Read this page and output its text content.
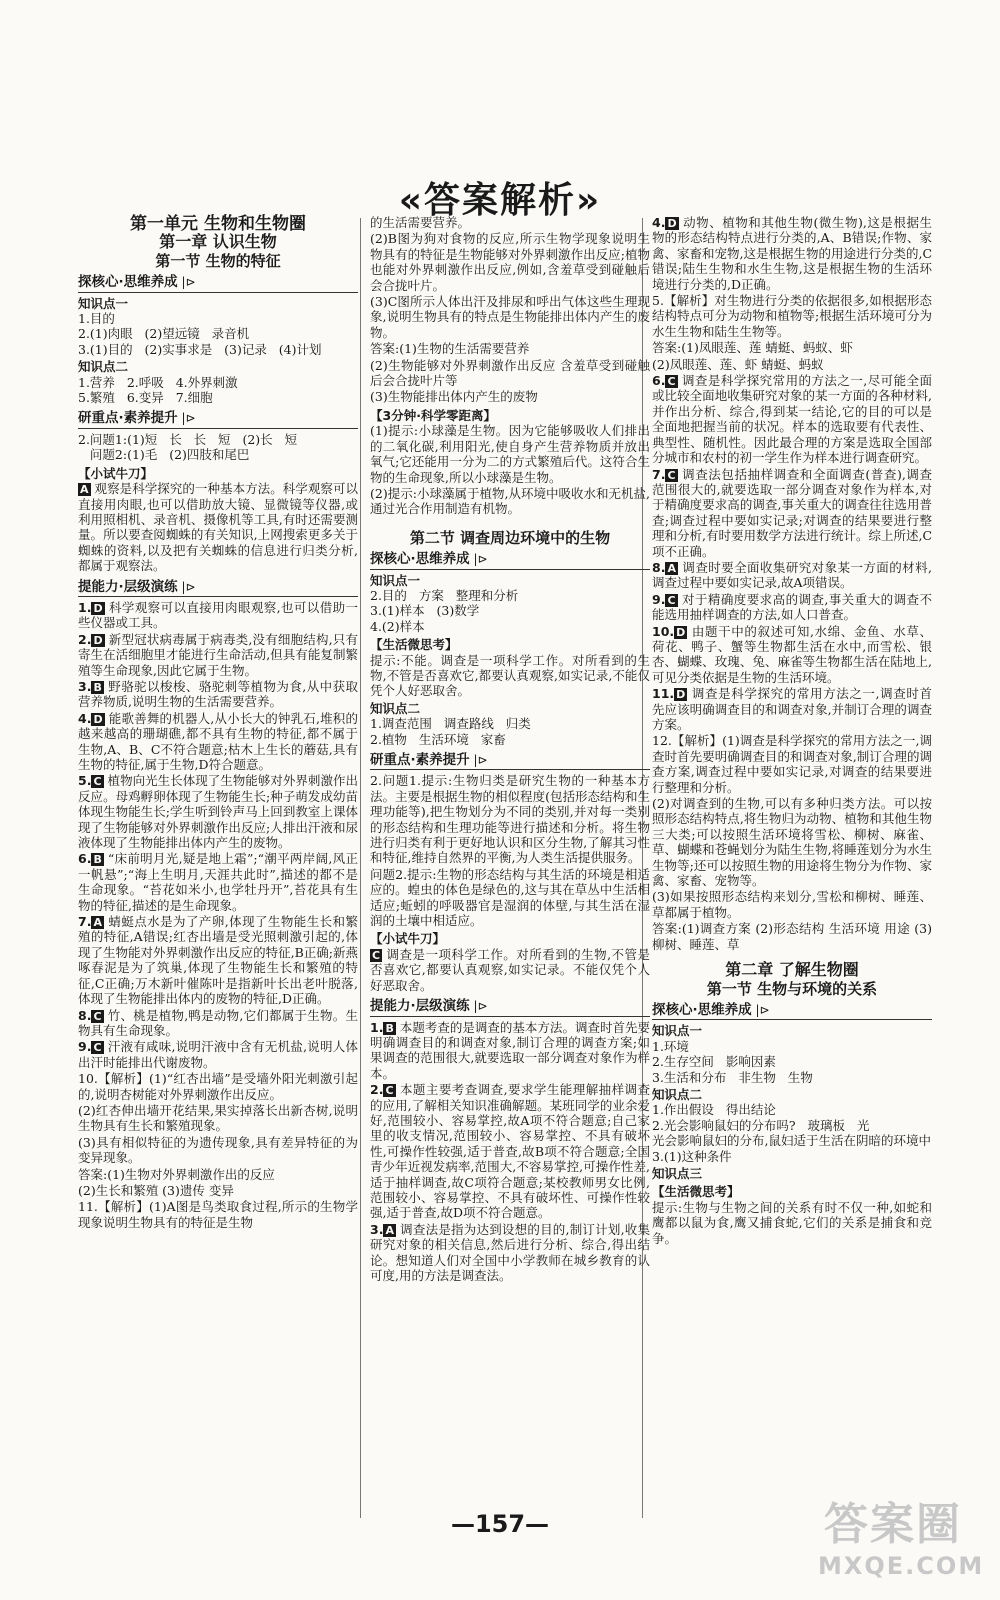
«答案解析»
第一单元 生物和生物圈
第一章 认识生物
第一节 生物的特征
探核心·思维养成 |⊳
知识点一
1.目的
2.(1)肉眼   (2)望远镜   录音机
3.(1)目的   (2)实事求是   (3)记录   (4)计划
知识点二
1.营养   2.呼吸   4.外界刺激
5.繁殖   6.变异   7.细胞
研重点·素养提升 |⊳
2.问题1:(1)短   长   长   短   (2)长   短
问题2:(1)毛   (2)四肢和尾巴
【小试牛刀】
A 观察是科学探究的一种基本方法。科学观察可以直接用肉眼,也可以借助放大镜、显微镜等仪器,或利用照相机、录音机、摄像机等工具,有时还需要测量。所以要查阅蜘蛛的有关知识,上网搜索更多关于蜘蛛的资料,以及把有关蜘蛛的信息进行归类分析,都属于观察法。
提能力·层级演练 |⊳
1. D 科学观察可以直接用肉眼观察,也可以借助一些仪器或工具。
2. D 新型冠状病毒属于病毒类,没有细胞结构,只有寄生在活细胞里才能进行生命活动,但具有能复制繁殖等生命现象,因此它属于生物。
3. B 野骆驼以梭梭、骆驼刺等植物为食,从中获取营养物质,说明生物的生活需要营养。
4. D 能歌善舞的机器人,从小长大的钟乳石,堆积的越来越高的珊瑚礁,都不具有生物的特征,都不属于生物,A、B、C不符合题意;枯木上生长的蘑菇,具有生物的特征,属于生物,D符合题意。
5. C 植物向光生长体现了生物能够对外界刺激作出反应。母鸡孵卵体现了生物能生长;种子萌发成幼苗体现生物能生长;学生听到铃声马上回到教室上课体现了生物能够对外界刺激作出反应;人排出汗液和尿液体现了生物能排出体内产生的废物。
6. B “床前明月光,疑是地上霜”;“潮平两岸阔,风正一帆悬”;“海上生明月,天涯共此时”,描述的都不是生命现象。“苔花如米小,也学牡丹开”,苔花具有生物的特征,描述的是生命现象。
7. A 蜻蜓点水是为了产卵,体现了生物能生长和繁殖的特征,A错误;红杏出墙是受光照刺激引起的,体现了生物能对外界刺激作出反应的特征,B正确;新燕啄春泥是为了筑巢,体现了生物能生长和繁殖的特征,C正确;万木新叶催陈叶是指新叶长出老叶脱落,体现了生物能排出体内的废物的特征,D正确。
8. C 竹、桃是植物,鸭是动物,它们都属于生物。生物具有生命现象。
9. C 汗液有咸味,说明汗液中含有无机盐,说明人体出汗时能排出代谢废物。
10.【解析】(1)“红杏出墙”是受墙外阳光刺激引起的,说明杏树能对外界刺激作出反应。
(2)红杏伸出墙开花结果,果实掉落长出新杏树,说明生物具有生长和繁殖现象。
(3)具有相似特征的为遗传现象,具有差异特征的为变异现象。
答案:(1)生物对外界刺激作出的反应
(2)生长和繁殖 (3)遗传 变异
11.【解析】(1)A图是鸟类取食过程,所示的生物学现象说明生物具有的特征是生物
的生活需要营养。
(2)B图为狗对食物的反应,所示生物学现象说明生物具有的特征是生物能够对外界刺激作出反应;植物也能对外界刺激作出反应,例如,含羞草受到碰触后会合拢叶片。
(3)C图所示人体出汗及排尿和呼出气体这些生理现象,说明生物具有的特点是生物能排出体内产生的废物。
答案:(1)生物的生活需要营养
(2)生物能够对外界刺激作出反应 含羞草受到碰触后会合拢叶片等
(3)生物能排出体内产生的废物
【3分钟·科学零距离】
(1)提示:小球藻是生物。因为它能够吸收人们排出的二氧化碳,利用阳光,使自身产生营养物质并放出氧气;它还能用一分为二的方式繁殖后代。这符合生物的生命现象,所以小球藻是生物。
(2)提示:小球藻属于植物,从环境中吸收水和无机盐,通过光合作用制造有机物。
第二节 调查周边环境中的生物
探核心·思维养成 |⊳
知识点一
2.目的   方案   整理和分析
3.(1)样本   (3)数学
4.(2)样本
【生活微思考】
提示:不能。调查是一项科学工作。对所看到的生物,不管是否喜欢它,都要认真观察,如实记录,不能仅凭个人好恶取舍。
知识点二
1.调查范围   调查路线   归类
2.植物   生活环境   家畜
研重点·素养提升 |⊳
2.问题1.提示:生物归类是研究生物的一种基本方法。主要是根据生物的相似程度(包括形态结构和生理功能等),把生物划分为不同的类别,并对每一类别的形态结构和生理功能等进行描述和分析。将生物进行归类有利于更好地认识和区分生物,了解其习性和特征,维持自然界的平衡,为人类生活提供服务。
问题2.提示:生物的形态结构与其生活的环境是相适应的。蝗虫的体色是绿色的,这与其在草丛中生活相适应;蚯蚓的呼吸器官是湿润的体壁,与其生活在湿润的土壤中相适应。
【小试牛刀】
C 调查是一项科学工作。对所看到的生物,不管是否喜欢它,都要认真观察,如实记录。不能仅凭个人好恶取舍。
提能力·层级演练 |⊳
1. B 本题考查的是调查的基本方法。调查时首先要明确调查目的和调查对象,制订合理的调查方案;如果调查的范围很大,就要选取一部分调查对象作为样本。
2. C 本题主要考查调查,要求学生能理解抽样调查的应用,了解相关知识准确解题。某班同学的业余爱好,范围较小、容易掌控,故A项不符合题意;自己家里的收支情况,范围较小、容易掌控、不具有破坏性,可操作性较强,适于普查,故B项不符合题意;全国青少年近视发病率,范围大,不容易掌控,可操作性差,适于抽样调查,故C项符合题意;某校教师男女比例,范围较小、容易掌控、不具有破坏性、可操作性较强,适于普查,故D项不符合题意。
3. A 调查法是指为达到设想的目的,制订计划,收集研究对象的相关信息,然后进行分析、综合,得出结论。想知道人们对全国中小学教师在城乡教育的认可度,用的方法是调查法。
4. D 动物、植物和其他生物(微生物),这是根据生物的形态结构特点进行分类的,A、B错误;作物、家禽、家畜和宠物,这是根据生物的用途进行分类的,C错误;陆生生物和水生生物,这是根据生物的生活环境进行分类的,D正确。
5.【解析】对生物进行分类的依据很多,如根据形态结构特点可分为动物和植物等;根据生活环境可分为水生生物和陆生生物等。
答案:(1)凤眼莲、莲 蜻蜓、蚂蚁、虾
(2)凤眼莲、莲、虾 蜻蜓、蚂蚁
6. C 调查是科学探究常用的方法之一,尽可能全面或比较全面地收集研究对象的某一方面的各种材料,并作出分析、综合,得到某一结论,它的目的可以是全面地把握当前的状况。样本的选取要有代表性、典型性、随机性。因此最合理的方案是选取全国部分城市和农村的初一学生作为样本进行调查研究。
7. C 调查法包括抽样调查和全面调查(普查),调查范围很大的,就要选取一部分调查对象作为样本,对于精确度要求高的调查,事关重大的调查往往选用普查;调查过程中要如实记录;对调查的结果要进行整理和分析,有时要用数学方法进行统计。综上所述,C项不正确。
8. A 调查时要全面收集研究对象某一方面的材料,调查过程中要如实记录,故A项错误。
9. C 对于精确度要求高的调查,事关重大的调查不能选用抽样调查的方法,如人口普查。
10. D 由题干中的叙述可知,水绵、金鱼、水草、荷花、鸭子、蟹等生物都生活在水中,而雪松、银杏、蝴蝶、玫瑰、兔、麻雀等生物都生活在陆地上,可见分类依据是生物的生活环境。
11. D 调查是科学探究的常用方法之一,调查时首先应该明确调查目的和调查对象,并制订合理的调查方案。
12.【解析】(1)调查是科学探究的常用方法之一,调查时首先要明确调查目的和调查对象,制订合理的调查方案,调查过程中要如实记录,对调查的结果要进行整理和分析。
(2)对调查到的生物,可以有多种归类方法。可以按照形态结构特点,将生物归为动物、植物和其他生物三大类;可以按照生活环境将雪松、柳树、麻雀、草、蝴蝶和苍蝇划分为陆生生物,将睡莲划分为水生生物等;还可以按照生物的用途将生物分为作物、家禽、家畜、宠物等。
(3)如果按照形态结构来划分,雪松和柳树、睡莲、草都属于植物。
答案:(1)调查方案 (2)形态结构 生活环境 用途 (3)柳树、睡莲、草
第二章 了解生物圈
第一节 生物与环境的关系
探核心·思维养成 |⊳
知识点一
1.环境
2.生存空间   影响因素
3.生活和分布   非生物   生物
知识点二
1.作出假设   得出结论
2.光会影响鼠妇的分布吗?   玻璃板   光
光会影响鼠妇的分布,鼠妇适于生活在阴暗的环境中
3.(1)这种条件
知识点三
【生活微思考】
提示:生物与生物之间的关系有时不仅一种,如蛇和鹰都以鼠为食,鹰又捕食蛇,它们的关系是捕食和竞争。
—157—	答案圈
MXQE.COM
